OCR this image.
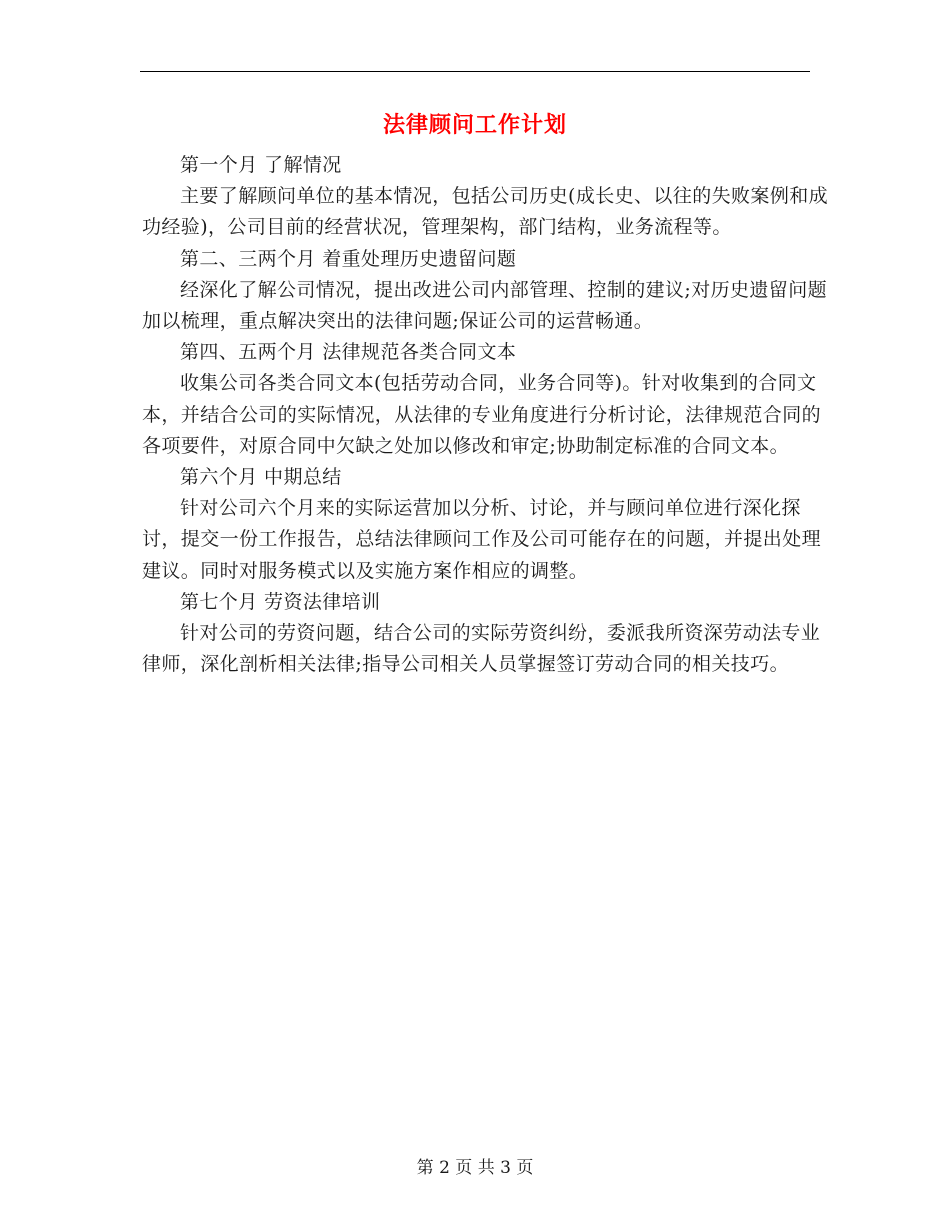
法律顾问工作计划

第一个月 了解情况

主要了解顾问单位的基本情况，包括公司历史(成长史、以往的失败案例和成功经验)，公司目前的经营状况，管理架构，部门结构，业务流程等。

第二、三两个月 着重处理历史遗留问题

经深化了解公司情况，提出改进公司内部管理、控制的建议;对历史遗留问题加以梳理，重点解决突出的法律问题;保证公司的运营畅通。

第四、五两个月 法律规范各类合同文本

收集公司各类合同文本(包括劳动合同，业务合同等)。针对收集到的合同文本，并结合公司的实际情况，从法律的专业角度进行分析讨论，法律规范合同的各项要件，对原合同中欠缺之处加以修改和审定;协助制定标准的合同文本。

第六个月 中期总结

针对公司六个月来的实际运营加以分析、讨论，并与顾问单位进行深化探讨，提交一份工作报告，总结法律顾问工作及公司可能存在的问题，并提出处理建议。同时对服务模式以及实施方案作相应的调整。

第七个月 劳资法律培训

针对公司的劳资问题，结合公司的实际劳资纠纷，委派我所资深劳动法专业律师，深化剖析相关法律;指导公司相关人员掌握签订劳动合同的相关技巧。

第 2 页 共 3 页
